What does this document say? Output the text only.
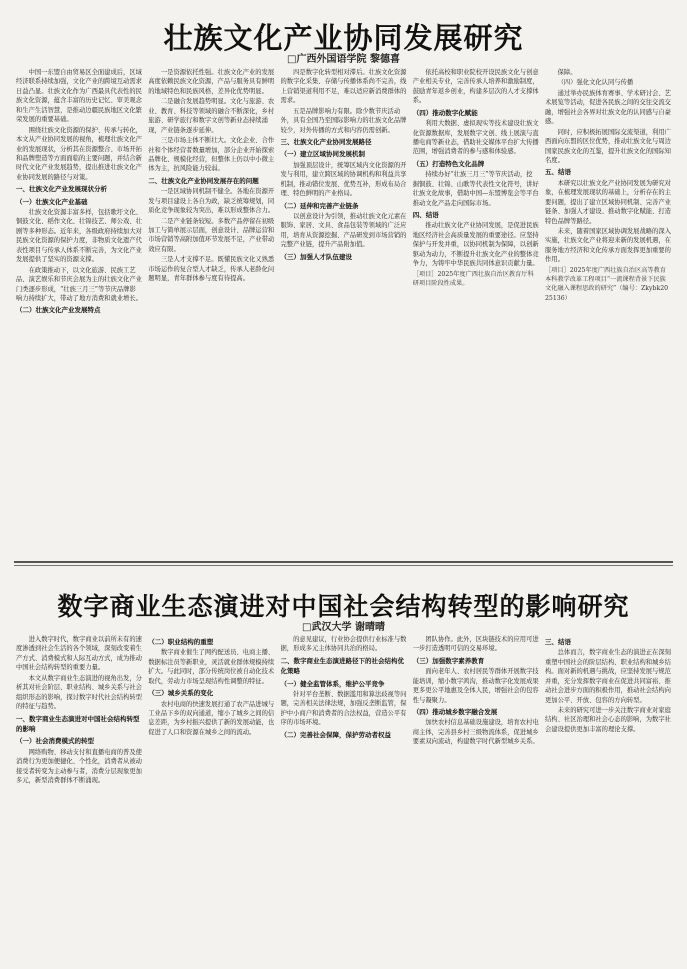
壮族文化产业协同发展研究
□广西外国语学院 黎德喜
中国一东盟自由贸易区全面建成后，区域经济联系持续加强，文化产业的跨境互动需求日益凸显。壮族文化作为广西最具代表性的民族文化资源，蕴含丰富的历史记忆、审美观念和生产生活智慧，是推动边疆民族地区文化繁荣发展的重要基础。
围绕壮族文化资源的保护、传承与转化，本文从产业协同发展的视角，梳理壮族文化产业的发展现状，分析其在资源整合、市场开拓和品牌塑造等方面面临的主要问题，并结合新时代文化产业发展趋势，提出推进壮族文化产业协同发展的路径与对策。
一、壮族文化产业发展现状分析
（一）壮族文化产业基础
壮族文化资源丰富多样，包括歌圩文化、铜鼓文化、稻作文化、壮锦技艺、师公戏、壮剧等多种形态。近年来，各级政府持续加大对民族文化资源的保护力度，非物质文化遗产代表性项目与传承人体系不断完善，为文化产业发展提供了坚实的资源支撑。
在政策推动下，以文化旅游、民族工艺品、演艺娱乐和节庆会展为主的壮族文化产业门类逐步形成，“壮族三月三”等节庆品牌影响力持续扩大，带动了地方消费和就业增长。
（二）壮族文化产业发展特点
一是资源依托性强。壮族文化产业的发展高度依赖民族文化资源，产品与服务具有鲜明的地域特色和民族风格，差异化优势明显。
二是融合发展趋势明显。文化与旅游、农业、教育、科技等领域的融合不断深化，乡村旅游、研学旅行和数字文创等新业态持续涌现，产业链条逐步延伸。
三是市场主体不断壮大。文化企业、合作社和个体经营者数量增加，部分企业开始探索品牌化、规模化经营，但整体上仍以中小微主体为主，抗风险能力较弱。
二、壮族文化产业协同发展存在的问题
一是区域协同机制不健全。各地在资源开发与项目建设上各自为政，缺乏统筹规划，同质化竞争现象较为突出，难以形成整体合力。
二是产业链条较短。多数产品停留在初级加工与简单展示层面，创意设计、品牌运营和市场营销等高附加值环节发展不足，产业带动效应有限。
三是人才支撑不足。既懂民族文化又熟悉市场运作的复合型人才缺乏，传承人老龄化问题明显，青年群体参与度有待提高。
四是数字化转型相对滞后。壮族文化资源的数字化采集、存储与传播体系尚不完善，线上营销渠道利用不足，难以适应新消费群体的需求。
五是品牌影响力有限。除少数节庆活动外，具有全国乃至国际影响力的壮族文化品牌较少，对外传播的方式和内容仍需创新。
三、壮族文化产业协同发展路径
（一）建立区域协同发展机制
加强顶层设计，统筹区域内文化资源的开发与利用，建立跨区域的协调机构和利益共享机制，推动错位发展、优势互补，形成布局合理、特色鲜明的产业格局。
（二）延伸和完善产业链条
以创意设计为引领，推动壮族文化元素在服饰、家居、文具、食品包装等领域的广泛应用，培育从资源挖掘、产品研发到市场营销的完整产业链，提升产品附加值。
（三）加强人才队伍建设
依托高校和职业院校开设民族文化与创意产业相关专业，完善传承人培养和激励制度，鼓励青年返乡创业，构建多层次的人才支撑体系。
（四）推动数字化赋能
利用大数据、虚拟现实等技术建设壮族文化资源数据库，发展数字文创、线上展演与直播电商等新业态，借助社交媒体平台扩大传播范围，增强消费者的参与感和体验感。
（五）打造特色文化品牌
持续办好“壮族三月三”等节庆活动，挖掘铜鼓、壮锦、山歌等代表性文化符号，讲好壮族文化故事，借助中国—东盟博览会等平台推动文化产品走向国际市场。
四、结语
推动壮族文化产业协同发展，是促进民族地区经济社会高质量发展的重要途径。应坚持保护与开发并重，以协同机制为保障，以创新驱动为动力，不断提升壮族文化产业的整体竞争力，为铸牢中华民族共同体意识贡献力量。
［项目］2025年度广西壮族自治区教育厅科研项目阶段性成果。
保障。
（四）强化文化认同与传播
通过举办民族体育赛事、学术研讨会、艺术展览等活动，促进各民族之间的交往交流交融，增强社会各界对壮族文化的认同感与自豪感。
同时，应积极拓展国际交流渠道，利用广西面向东盟的区位优势，推动壮族文化与周边国家民族文化的互鉴，提升壮族文化的国际知名度。
五、结语
本研究以壮族文化产业协同发展为研究对象，在梳理发展现状的基础上，分析存在的主要问题，提出了建立区域协同机制、完善产业链条、加强人才建设、推动数字化赋能、打造特色品牌等路径。
未来，随着国家区域协调发展战略的深入实施，壮族文化产业将迎来新的发展机遇，在服务地方经济和文化传承方面发挥更加重要的作用。
［项目］2025年度广西壮族自治区高等教育本科教学改革工程项目“一流课程背景下民族文化融入课程思政的研究”（编号：Zkybk2025136）
数字商业生态演进对中国社会结构转型的影响研究
□武汉大学 谢晴晴
进入数字时代，数字商业以前所未有的速度渗透到社会生活的各个领域，深刻改变着生产方式、消费模式和人际互动方式，成为推动中国社会结构转型的重要力量。
本文从数字商业生态演进的视角出发，分析其对社会阶层、职业结构、城乡关系与社会组织形态的影响，探讨数字时代社会结构转型的特征与趋势。
一、数字商业生态演进对中国社会结构转型的影响
（一）社会消费模式的转型
网络购物、移动支付和直播电商的普及使消费行为更加便捷化、个性化，消费者从被动接受者转变为主动参与者，消费分层现象更加多元，新型消费群体不断涌现。
（二）职业结构的重塑
数字商业催生了网约配送员、电商主播、数据标注员等新职业，灵活就业群体规模持续扩大。与此同时，部分传统岗位被自动化技术取代，劳动力市场呈现结构性调整的特征。
（三）城乡关系的变化
农村电商的快速发展打通了农产品进城与工业品下乡的双向通道，缩小了城乡之间的信息差距，为乡村振兴提供了新的发展动能，也促进了人口和资源在城乡之间的流动。
的意见建议，行业协会提供行业标准与数据，形成多元主体协同共治的格局。
二、数字商业生态演进路径下的社会结构优化策略
（一）健全监管体系，维护公平竞争
针对平台垄断、数据滥用和算法歧视等问题，完善相关法律法规，加强反垄断监管，保护中小商户和消费者的合法权益，营造公平有序的市场环境。
（二）完善社会保障，保护劳动者权益
团队协作。此外，区块链技术的应用可进一步打造透明可信的交易环境。
（三）加强数字素养教育
面向老年人、农村居民等群体开展数字技能培训，缩小数字鸿沟，推动数字化发展成果更多更公平地惠及全体人民，增强社会的包容性与凝聚力。
（四）推动城乡数字融合发展
加快农村信息基础设施建设，培育农村电商主体，完善县乡村三级物流体系，促进城乡要素双向流动，构建数字时代新型城乡关系。
三、结语
总体而言，数字商业生态的演进正在深刻重塑中国社会的阶层结构、职业结构和城乡结构。面对新的机遇与挑战，应坚持发展与规范并重，充分发挥数字商业在促进共同富裕、推动社会进步方面的积极作用，推动社会结构向更加公平、开放、包容的方向转型。
未来的研究可进一步关注数字商业对家庭结构、社区治理和社会心态的影响，为数字社会建设提供更加丰富的理论支撑。
